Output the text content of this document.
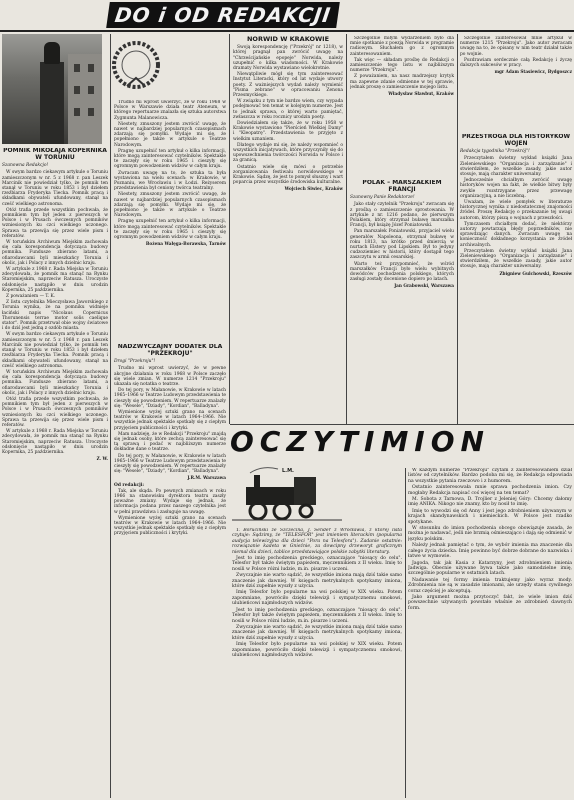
DO i OD REDAKCJI
POMNIK MIKOŁAJA KOPERNIKA W TORUNIU
Szanowna Redakcjo!

W swym bardzo ciekawym artykule o Toruniu zamieszczonym w nr. 5 z 1968 r. pan Leszek Marcinik nie powiedział tylko, że pomnik ten stanął w Toruniu w roku 1853 i był dziełem rzeźbiarza Fryderyka Tiecka. Pomnik pracą i składkami obywateli ufundowany, stanął na cześć wielkiego astronoma.

Otóż trafia przede wszystkim pochwała, że pomnikiem tym był jeden z pierwszych w Polsce i w Prusach ówczesnych pomników wzniesionych ku czci wielkiego uczonego. Sprawa ta przewija się przez wiele pism i referatów.

W toruńskim Archiwum Miejskim zachowała się cała korespondencja dotycząca budowy pomnika. Fundusze zbierano latami, a ofiarodawcami byli mieszkańcy Torunia i okolic, jak i Polacy z innych dzielnic kraju.

W artykule z 1968 r. Rada Miejska w Toruniu zdecydowała, że pomnik ma stanąć na Rynku Staromiejskim, naprzeciw Ratusza. Uroczyste odsłonięcie nastąpiło w dniu urodzin Kopernika, 25 października.

Z poważaniem — T. K.

Z listu czytelnika Mieczysława Jaworskiego z Torunia wynika, że na pomniku widnieje łaciński napis "Nicolaus Copernicus Thorunensis terrae motor solis caelique stator". Pomnik przetrwał obie wojny światowe i do dziś jest jedną z ozdób miasta.

W swym bardzo ciekawym artykule o Toruniu zamieszczonym w nr. 5 z 1968 r. pan Leszek Marcinik nie powiedział tylko, że pomnik ten stanął w Toruniu w roku 1853 i był dziełem rzeźbiarza Fryderyka Tiecka. Pomnik pracą i składkami obywateli ufundowany, stanął na cześć wielkiego astronoma.

W toruńskim Archiwum Miejskim zachowała się cała korespondencja dotycząca budowy pomnika. Fundusze zbierano latami, a ofiarodawcami byli mieszkańcy Torunia i okolic, jak i Polacy z innych dzielnic kraju.

Otóż trafia przede wszystkim pochwała, że pomnikiem tym był jeden z pierwszych w Polsce i w Prusach ówczesnych pomników wzniesionych ku czci wielkiego uczonego. Sprawa ta przewija się przez wiele pism i referatów.

W artykule z 1968 r. Rada Miejska w Toruniu zdecydowała, że pomnik ma stanąć na Rynku Staromiejskim, naprzeciw Ratusza. Uroczyste odsłonięcie nastąpiło w dniu urodzin Kopernika, 25 października.

Z. W.

Trudno mi wprost uwierzyć, że w roku 1968 w Polsce w Warszawie działa teatr Ateneum, w którego repertuarze znalazła się sztuka autorstwa Zygmunta Malanowicza.

Niestety, zmuszony jestem zwrócić uwagę, że nawet w najbardziej popularnych czasopismach zdarzają się pomyłki. Wydaje mi się, że popełniono je także w artykule o Teatrze Narodowym.

Pragnę uzupełnić ten artykuł o kilka informacji, które mogą zainteresować czytelników. Spektakle te zaczęły się w roku 1965 i cieszyły się ogromnym powodzeniem widzów w całym kraju.

Zwracam uwagę na to, że sztuka ta była wystawiona na wielu scenach: w Krakowie, w Poznaniu, we Wrocławiu i w Łodzi. Reżyserem przedstawienia był ceniony twórca teatralny.

Niestety, zmuszony jestem zwrócić uwagę, że nawet w najbardziej popularnych czasopismach zdarzają się pomyłki. Wydaje mi się, że popełniono je także w artykule o Teatrze Narodowym.

Pragnę uzupełnić ten artykuł o kilka informacji, które mogą zainteresować czytelników. Spektakle te zaczęły się w roku 1965 i cieszyły się ogromnym powodzeniem widzów w całym kraju.

Bożena Wałęga-Borawska, Tarnów
NADZWYCZAJNY DODATEK DLA "PRZEKROJU"
Drogi "Przekroju"!

Trudno mi wprost uwierzyć, że w pewne akcyjne działania w roku 1968 w Polsce zaczęło się wiele zmian. W numerze 1214 "Przekroju" ukazała się notatka o teatrze.

Do tej pory, w Małanowie, w Krakowie w latach 1965–1966 w Teatrze Ludowym przedstawienia te cieszyły się powodzeniem. W repertuarze znalazły się: "Wesele", "Dziady", "Kordian", "Balladyna".

Wymienione wyżej sztuki grano na scenach teatrów w Krakowie w latach 1964–1966. Nie wszystkie jednak spektakle spotkały się z ciepłym przyjęciem publiczności i krytyki.

Mam nadzieję, że w Redakcji "Przekroju" znajdą się jednak osoby, które zechcą zainteresować się tą sprawą i podać w najbliższym numerze dokładne dane o teatrze.

Do tej pory, w Małanowie, w Krakowie w latach 1965–1966 w Teatrze Ludowym przedstawienia te cieszyły się powodzeniem. W repertuarze znalazły się: "Wesele", "Dziady", "Kordian", "Balladyna".

J.R.M. Warszawa
Od redakcji:

Tak, ale skąda. Po pewnych zmianach w roku 1966 na stanowisku dyrektora teatru zaszły poważne zmiany. Wydaje się jednak, że informacja podana przez naszego czytelnika jest w pełni prawdziwa i zasługuje na uwagę.

Wymienione wyżej sztuki grano na scenach teatrów w Krakowie w latach 1964–1966. Nie wszystkie jednak spektakle spotkały się z ciepłym przyjęciem publiczności i krytyki.

NORWID W KRAKOWIE

Swoją korespondencję ("Przekrój" nr 1218), w której pragnął pan zwrócić uwagę na "Chrześcijańskie epopeje" Norwida, należy uzupełnić o kilka wiadomości. W Krakowie dramaty Norwida wystawiano wielokrotnie.

Niewątpliwie mógł się tym zainteresować Instytut Literacki, który od lat wydaje utwory poety. Z ważniejszych wydań należy wymienić "Pisma zebrane" w opracowaniu Zenona Przesmyckiego.

W związku z tym nie bardzo wiem, czy wypada podejmować ten temat w kolejnym numerze. Jest to jednak sprawa, o której warto pamiętać, zwłaszcza w roku rocznicy urodzin poety.

Dowiedziałem się także, że w roku 1958 w Krakowie wystawiono "Pierścień Wielkiej Damy" i "Kleopatrę". Przedstawienia te przyjęto z wielkim uznaniem.

Dlatego wydaje mi się, że należy wspomnieć o wszystkich inicjatywach, które przyczyniły się do upowszechnienia twórczości Norwida w Polsce i za granicą.

Ostatnio wiele się mówi o potrzebie zorganizowania festiwalu norwidowskiego w Krakowie. Sądzę, że jest to pomysł słuszny i wart poparcia przez wszystkie środowiska kulturalne.

Wojciech Siwiec, Kraków

Szczególnie miłym wydarzeniem było dla mnie spotkanie z poezją Norwida w programie radiowym. Słuchałem go z ogromnym zainteresowaniem.

Tak więc — składam prośbę do Redakcji o zamieszczenie tego listu w najbliższym numerze "Przekroju".

Z poważaniem, na nasz madrzejszy krytyk ma zapewne zdanie odmienne w tej sprawie, jednak proszę o zamieszczenie mojego listu.

Władysław Sławbut, Kraków
POLAK – MARSZAŁKIEM FRANCJI
Szanowny Panie Redaktorze!

Jako stały czytelnik "Przekroju" zwracam się z prośbą o zamieszczenie sprostowania. W artykule z nr. 1216 podano, że pierwszym Polakiem, który otrzymał buławę marszałka Francji, był książę Józef Poniatowski.

Pan marszałek Poniatowski, przyjaciel wielu generałów Napoleona, otrzymał buławę w roku 1813, na krótko przed śmiercią w nurtach Elstery pod Lipskiem. Był to jedyny cudzoziemiec w historii, który dostąpił tego zaszczytu w armii cesarskiej.

Warto też przypomnieć, że wśród marszałków Francji było wielu wybitnych dowódców pochodzenia polskiego, których zasługi zostały docenione dopiero po latach.

Jan Grabowski, Warszawa

Szczególnie zainteresował mnie artykuł w numerze 1215 "Przekroju". Jako autor zwracam uwagę na to, że opisany w nim teatr działał także po wojnie.

Pozdrawiam serdecznie całą Redakcję i życzę dalszych sukcesów w pracy.

mgr Adam Stasiewicz, Bydgoszcz
PRZESTROGA DLA HISTORYKÓW WOJEN
Redakcja tygodnika "Przekrój"!

Przeczytałem świetny wykład książki Jana Zieleniewskiego "Organizacja i zarządzanie" i stwierdziłem, że wszelkie zasady, jakie autor stosuje, mają charakter uniwersalny.

Jednocześnie chciałbym zwrócić uwagę historyków wojen na fakt, że wielkie bitwy były zwykle rozstrzygane przez przewagę organizacyjną, a nie liczebną.

Uważam, że wiele pomyłek w literaturze historycznej wynika z niedostatecznej znajomości źródeł. Proszę Redakcję o przekazanie tej uwagi autorom, którzy piszą o wojnach z przeszłości.

Tymczasem chciałbym dodać, że niektórzy autorzy powtarzają błędy poprzedników, nie sprawdzając danych. Zwracam uwagę na konieczność dokładnego korzystania ze źródeł archiwalnych.

Przeczytałem świetny wykład książki Jana Zieleniewskiego "Organizacja i zarządzanie" i stwierdziłem, że wszelkie zasady, jakie autor stosuje, mają charakter uniwersalny.

Zbigniew Gulchowski, Rzeszów
OCZYTIMION
L.M.

T. Boruciński ze Szczecina, J. Sender z Wrocławia, z której lista czytuje: Sądzimy, że "TELESFOR" jest imieniem literackim (popularna audycja telewizyjna dla dzieci "Pora na Telesfora"). Zadanie ostatnie: rozwiązanie kadeta w Gnieźnie, za dowcipny drzeworyt graficznym niemal dla dzieci, tablice przedstawiające polskie zabytki literatury.

Jest to imię pochodzenia greckiego, oznaczające "niosący do celu". Telesfor był także świętym papieżem, męczennikiem z II wieku. Imię to nosili w Polsce różni ludzie, m.in. pisarze i uczeni.

Zwyczajnie nie warto sądzić, że wszystkie imiona mają dziś takie samo znaczenie jak dawniej. W księgach metrykalnych spotykamy imiona, które dziś zupełnie wyszły z użycia.

Imię Telesfor było popularne na wsi polskiej w XIX wieku. Potem zapomniane, powróciło dzięki telewizji i sympatycznemu smokowi, ulubieńcowi najmłodszych widzów.

Jest to imię pochodzenia greckiego, oznaczające "niosący do celu". Telesfor był także świętym papieżem, męczennikiem z II wieku. Imię to nosili w Polsce różni ludzie, m.in. pisarze i uczeni.

Zwyczajnie nie warto sądzić, że wszystkie imiona mają dziś takie samo znaczenie jak dawniej. W księgach metrykalnych spotykamy imiona, które dziś zupełnie wyszły z użycia.

Imię Telesfor było popularne na wsi polskiej w XIX wieku. Potem zapomniane, powróciło dzięki telewizji i sympatycznemu smokowi, ulubieńcowi najmłodszych widzów.

W każdym numerze "Przekroju" czytam z zainteresowaniem dział listów od czytelników. Bardzo podoba mi się, że Redakcja odpowiada na wszystkie pytania rzeczowo i z humorem.

Ostatnio zainteresowała mnie sprawa pochodzenia imion. Czy mogłaby Redakcja napisać coś więcej na ten temat?

M. Sobota z Tarnowa, D. Trojlier z Jeleniej Góry: Chcemy dałomy imię ANIKA. Nikogo nie znamy, kto by nosił to imię.

Imię to wywodzi się od Anny i jest jego zdrobnieniem używanym w krajach skandynawskich i niemieckich. W Polsce jest rzadko spotykane.

W stosunku do imion pochodzenia obcego obowiązuje zasada, że można je nadawać, jeśli nie brzmią ośmieszająco i dają się odmienić w języku polskim.

Należy jednak pamiętać o tym, że wybór imienia ma znaczenie dla całego życia dziecka. Imię powinno być dobrze dobrane do nazwiska i łatwe w wymowie.

Jagoda, tak jak Kasia z Katarzyny, jest zdrobnieniem imienia Jadwiga. Obecnie używane bywa także jako samodzielne imię, szczególnie popularne w ostatnich latach.

Nadawanie tej formy imienia traktujemy jako wyraz mody. Zdrobnienia nie są w zasadzie imionami, ale urzędy stanu cywilnego coraz częściej je akceptują.

Jako argument można przytoczyć fakt, że wiele imion dziś powszechnie używanych powstało właśnie ze zdrobnień dawnych form.
